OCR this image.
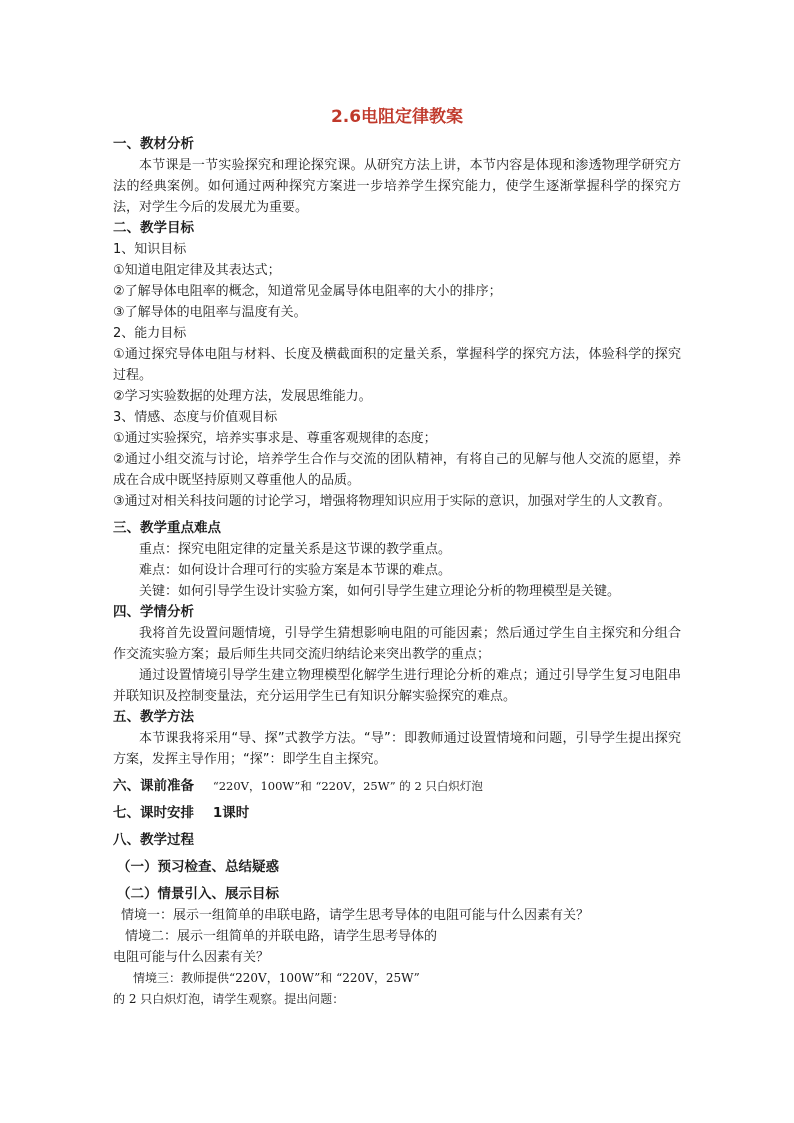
2.6电阻定律教案

一、教材分析

本节课是一节实验探究和理论探究课。从研究方法上讲，本节内容是体现和渗透物理学研究方法的经典案例。如何通过两种探究方案进一步培养学生探究能力，使学生逐渐掌握科学的探究方法，对学生今后的发展尤为重要。

二、教学目标

1、知识目标

①知道电阻定律及其表达式；

②了解导体电阻率的概念，知道常见金属导体电阻率的大小的排序；

③了解导体的电阻率与温度有关。

2、能力目标

①通过探究导体电阻与材料、长度及横截面积的定量关系，掌握科学的探究方法，体验科学的探究过程。

②学习实验数据的处理方法，发展思维能力。

3、情感、态度与价值观目标

①通过实验探究，培养实事求是、尊重客观规律的态度；

②通过小组交流与讨论，培养学生合作与交流的团队精神，有将自己的见解与他人交流的愿望，养成在合成中既坚持原则又尊重他人的品质。

③通过对相关科技问题的讨论学习，增强将物理知识应用于实际的意识，加强对学生的人文教育。

三、教学重点难点

重点：探究电阻定律的定量关系是这节课的教学重点。

难点：如何设计合理可行的实验方案是本节课的难点。

关键：如何引导学生设计实验方案，如何引导学生建立理论分析的物理模型是关键。

四、学情分析

我将首先设置问题情境，引导学生猜想影响电阻的可能因素；然后通过学生自主探究和分组合作交流实验方案；最后师生共同交流归纳结论来突出教学的重点；

通过设置情境引导学生建立物理模型化解学生进行理论分析的难点；通过引导学生复习电阻串并联知识及控制变量法，充分运用学生已有知识分解实验探究的难点。

五、教学方法

本节课我将采用“导、探”式教学方法。“导”：即教师通过设置情境和问题，引导学生提出探究方案，发挥主导作用；“探”：即学生自主探究。

六、课前准备 “220V，100W”和 “220V，25W” 的 2 只白炽灯泡

七、课时安排 1课时

八、教学过程

（一）预习检查、总结疑惑

（二）情景引入、展示目标

情境一：展示一组简单的串联电路，请学生思考导体的电阻可能与什么因素有关？

情境二：展示一组简单的并联电路，请学生思考导体的

电阻可能与什么因素有关？

情境三：教师提供“220V，100W”和 “220V，25W”

的 2 只白炽灯泡，请学生观察。提出问题：
